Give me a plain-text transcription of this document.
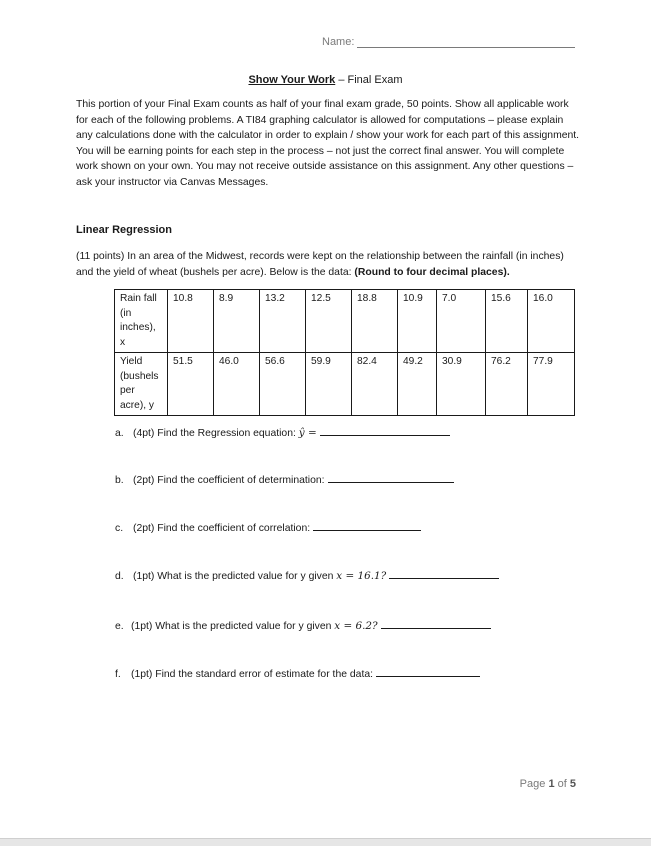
Name:
Show Your Work – Final Exam
This portion of your Final Exam counts as half of your final exam grade, 50 points. Show all applicable work for each of the following problems. A TI84 graphing calculator is allowed for computations – please explain any calculations done with the calculator in order to explain / show your work for each part of this assignment. You will be earning points for each step in the process – not just the correct final answer. You will complete work shown on your own. You may not receive outside assistance on this assignment. Any other questions – ask your instructor via Canvas Messages.
Linear Regression
(11 points) In an area of the Midwest, records were kept on the relationship between the rainfall (in inches) and the yield of wheat (bushels per acre). Below is the data: (Round to four decimal places).
Rain fall (in inches), x	10.8	8.9	13.2	12.5	18.8	10.9	7.0	15.6	16.0
Yield (bushels per acre), y	51.5	46.0	56.6	59.9	82.4	49.2	30.9	76.2	77.9
a. (4pt) Find the Regression equation: ŷ =
b. (2pt) Find the coefficient of determination:
c. (2pt) Find the coefficient of correlation:
d. (1pt) What is the predicted value for y given x = 16.1?
e. (1pt) What is the predicted value for y given x = 6.2?
f. (1pt) Find the standard error of estimate for the data:
Page 1 of 5
